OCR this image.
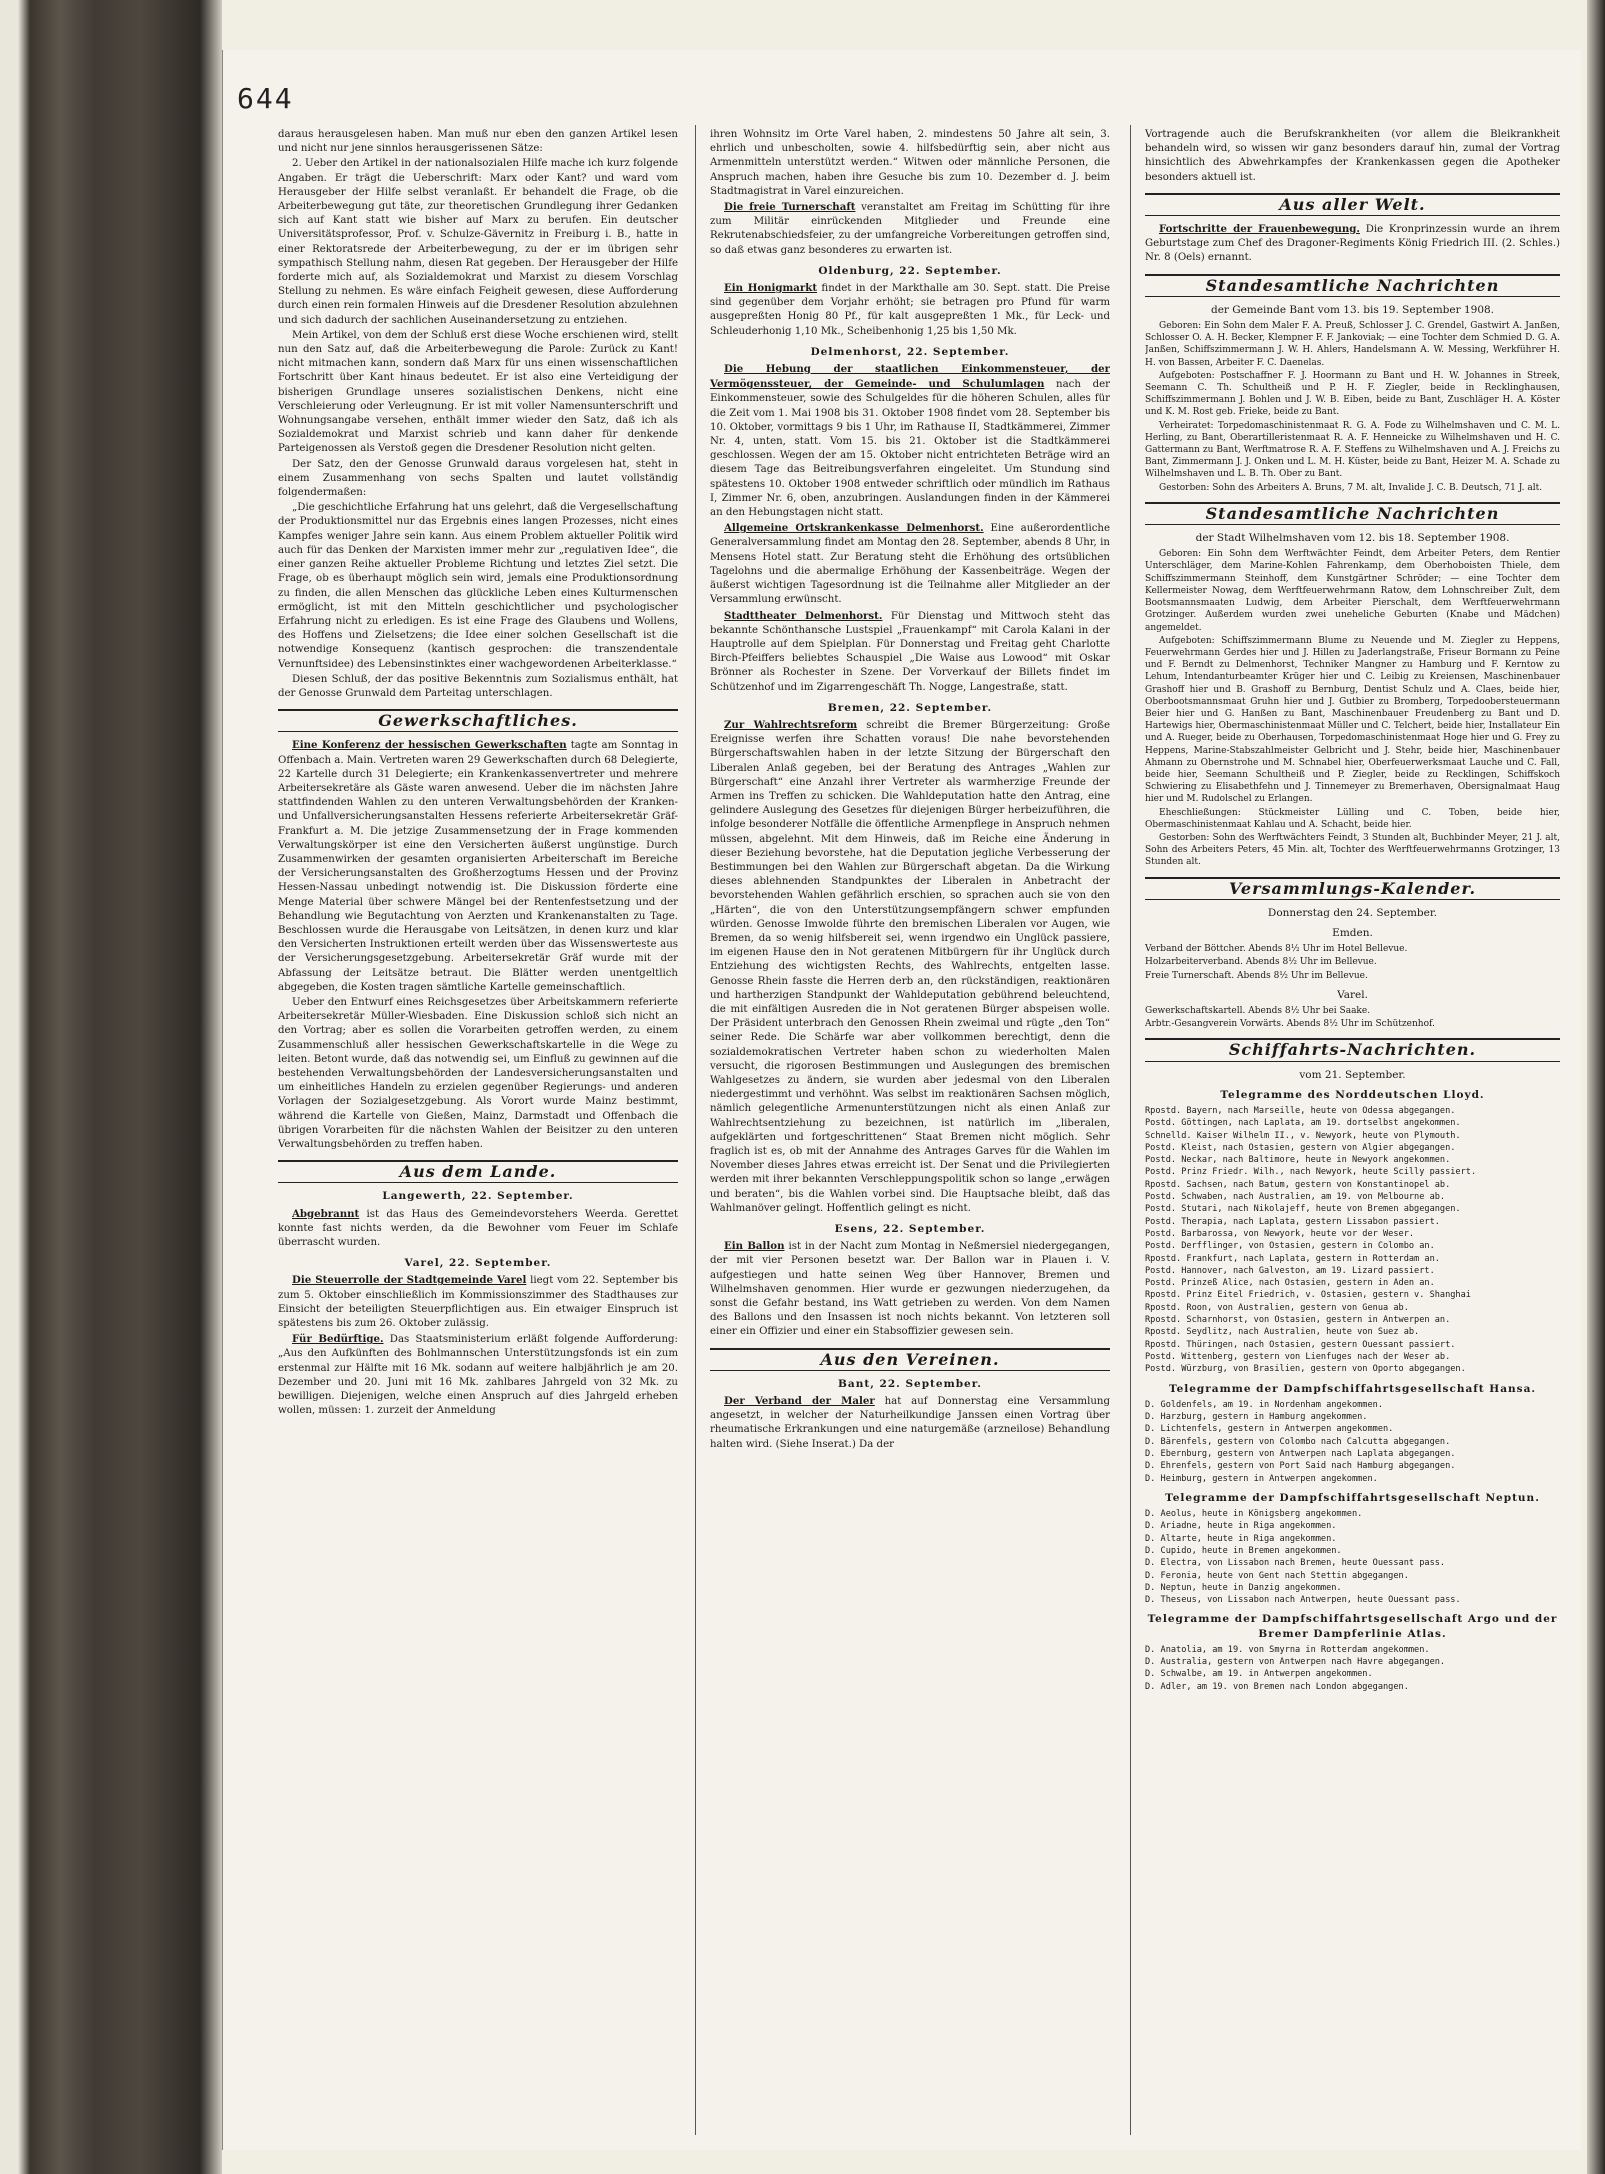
644

daraus herausgelesen haben. Man muß nur eben den ganzen Artikel lesen und nicht nur jene sinnlos herausgerissenen Sätze:

2. Ueber den Artikel in der nationalsozialen Hilfe mache ich kurz folgende Angaben. Er trägt die Ueberschrift: Marx oder Kant? und ward vom Herausgeber der Hilfe selbst veranlaßt. Er behandelt die Frage, ob die Arbeiterbewegung gut täte, zur theoretischen Grundlegung ihrer Gedanken sich auf Kant statt wie bisher auf Marx zu berufen. Ein deutscher Universitätsprofessor, Prof. v. Schulze-Gävernitz in Freiburg i. B., hatte in einer Rektoratsrede der Arbeiterbewegung, zu der er im übrigen sehr sympathisch Stellung nahm, diesen Rat gegeben. Der Herausgeber der Hilfe forderte mich auf, als Sozialdemokrat und Marxist zu diesem Vorschlag Stellung zu nehmen. Es wäre einfach Feigheit gewesen, diese Aufforderung durch einen rein formalen Hinweis auf die Dresdener Resolution abzulehnen und sich dadurch der sachlichen Auseinandersetzung zu entziehen.

Mein Artikel, von dem der Schluß erst diese Woche erschienen wird, stellt nun den Satz auf, daß die Arbeiterbewegung die Parole: Zurück zu Kant! nicht mitmachen kann, sondern daß Marx für uns einen wissenschaftlichen Fortschritt über Kant hinaus bedeutet. Er ist also eine Verteidigung der bisherigen Grundlage unseres sozialistischen Denkens, nicht eine Verschleierung oder Verleugnung. Er ist mit voller Namensunterschrift und Wohnungsangabe versehen, enthält immer wieder den Satz, daß ich als Sozialdemokrat und Marxist schrieb und kann daher für denkende Parteigenossen als Verstoß gegen die Dresdener Resolution nicht gelten.

Der Satz, den der Genosse Grunwald daraus vorgelesen hat, steht in einem Zusammenhang von sechs Spalten und lautet vollständig folgendermaßen:

„Die geschichtliche Erfahrung hat uns gelehrt, daß die Vergesellschaftung der Produktionsmittel nur das Ergebnis eines langen Prozesses, nicht eines Kampfes weniger Jahre sein kann. Aus einem Problem aktueller Politik wird auch für das Denken der Marxisten immer mehr zur „regulativen Idee“, die einer ganzen Reihe aktueller Probleme Richtung und letztes Ziel setzt. Die Frage, ob es überhaupt möglich sein wird, jemals eine Produktionsordnung zu finden, die allen Menschen das glückliche Leben eines Kulturmenschen ermöglicht, ist mit den Mitteln geschichtlicher und psychologischer Erfahrung nicht zu erledigen. Es ist eine Frage des Glaubens und Wollens, des Hoffens und Zielsetzens; die Idee einer solchen Gesellschaft ist die notwendige Konsequenz (kantisch gesprochen: die transzendentale Vernunftsidee) des Lebensinstinktes einer wachgewordenen Arbeiterklasse.“

Diesen Schluß, der das positive Bekenntnis zum Sozialismus enthält, hat der Genosse Grunwald dem Parteitag unterschlagen.

Gewerkschaftliches.

Eine Konferenz der hessischen Gewerkschaften tagte am Sonntag in Offenbach a. Main. Vertreten waren 29 Gewerkschaften durch 68 Delegierte, 22 Kartelle durch 31 Delegierte; ein Krankenkassenvertreter und mehrere Arbeitersekretäre als Gäste waren anwesend. Ueber die im nächsten Jahre stattfindenden Wahlen zu den unteren Verwaltungsbehörden der Kranken- und Unfallversicherungsanstalten Hessens referierte Arbeitersekretär Gräf-Frankfurt a. M. Die jetzige Zusammensetzung der in Frage kommenden Verwaltungskörper ist eine den Versicherten äußerst ungünstige. Durch Zusammenwirken der gesamten organisierten Arbeiterschaft im Bereiche der Versicherungsanstalten des Großherzogtums Hessen und der Provinz Hessen-Nassau unbedingt notwendig ist. Die Diskussion förderte eine Menge Material über schwere Mängel bei der Rentenfestsetzung und der Behandlung wie Begutachtung von Aerzten und Krankenanstalten zu Tage. Beschlossen wurde die Herausgabe von Leitsätzen, in denen kurz und klar den Versicherten Instruktionen erteilt werden über das Wissenswerteste aus der Versicherungsgesetzgebung. Arbeitersekretär Gräf wurde mit der Abfassung der Leitsätze betraut. Die Blätter werden unentgeltlich abgegeben, die Kosten tragen sämtliche Kartelle gemeinschaftlich.

Ueber den Entwurf eines Reichsgesetzes über Arbeitskammern referierte Arbeitersekretär Müller-Wiesbaden. Eine Diskussion schloß sich nicht an den Vortrag; aber es sollen die Vorarbeiten getroffen werden, zu einem Zusammenschluß aller hessischen Gewerkschaftskartelle in die Wege zu leiten. Betont wurde, daß das notwendig sei, um Einfluß zu gewinnen auf die bestehenden Verwaltungsbehörden der Landesversicherungsanstalten und um einheitliches Handeln zu erzielen gegenüber Regierungs- und anderen Vorlagen der Sozialgesetzgebung. Als Vorort wurde Mainz bestimmt, während die Kartelle von Gießen, Mainz, Darmstadt und Offenbach die übrigen Vorarbeiten für die nächsten Wahlen der Beisitzer zu den unteren Verwaltungsbehörden zu treffen haben.

Aus dem Lande.
Langewerth, 22. September.

Abgebrannt ist das Haus des Gemeindevorstehers Weerda. Gerettet konnte fast nichts werden, da die Bewohner vom Feuer im Schlafe überrascht wurden.

Varel, 22. September.

Die Steuerrolle der Stadtgemeinde Varel liegt vom 22. September bis zum 5. Oktober einschließlich im Kommissionszimmer des Stadthauses zur Einsicht der beteiligten Steuerpflichtigen aus. Ein etwaiger Einspruch ist spätestens bis zum 26. Oktober zulässig.

Für Bedürftige. Das Staatsministerium erläßt folgende Aufforderung: „Aus den Aufkünften des Bohlmannschen Unterstützungsfonds ist ein zum erstenmal zur Hälfte mit 16 Mk. sodann auf weitere halbjährlich je am 20. Dezember und 20. Juni mit 16 Mk. zahlbares Jahrgeld von 32 Mk. zu bewilligen. Diejenigen, welche einen Anspruch auf dies Jahrgeld erheben wollen, müssen: 1. zurzeit der Anmeldung

ihren Wohnsitz im Orte Varel haben, 2. mindestens 50 Jahre alt sein, 3. ehrlich und unbescholten, sowie 4. hilfsbedürftig sein, aber nicht aus Armenmitteln unterstützt werden.“ Witwen oder männliche Personen, die Anspruch machen, haben ihre Gesuche bis zum 10. Dezember d. J. beim Stadtmagistrat in Varel einzureichen.

Die freie Turnerschaft veranstaltet am Freitag im Schütting für ihre zum Militär einrückenden Mitglieder und Freunde eine Rekrutenabschiedsfeier, zu der umfangreiche Vorbereitungen getroffen sind, so daß etwas ganz besonderes zu erwarten ist.

Oldenburg, 22. September.

Ein Honigmarkt findet in der Markthalle am 30. Sept. statt. Die Preise sind gegenüber dem Vorjahr erhöht; sie betragen pro Pfund für warm ausgepreßten Honig 80 Pf., für kalt ausgepreßten 1 Mk., für Leck- und Schleuderhonig 1,10 Mk., Scheibenhonig 1,25 bis 1,50 Mk.

Delmenhorst, 22. September.

Die Hebung der staatlichen Einkommensteuer, der Vermögenssteuer, der Gemeinde- und Schulumlagen nach der Einkommensteuer, sowie des Schulgeldes für die höheren Schulen, alles für die Zeit vom 1. Mai 1908 bis 31. Oktober 1908 findet vom 28. September bis 10. Oktober, vormittags 9 bis 1 Uhr, im Rathause II, Stadtkämmerei, Zimmer Nr. 4, unten, statt. Vom 15. bis 21. Oktober ist die Stadtkämmerei geschlossen. Wegen der am 15. Oktober nicht entrichteten Beträge wird an diesem Tage das Beitreibungsverfahren eingeleitet. Um Stundung sind spätestens 10. Oktober 1908 entweder schriftlich oder mündlich im Rathaus I, Zimmer Nr. 6, oben, anzubringen. Auslandungen finden in der Kämmerei an den Hebungstagen nicht statt.

Allgemeine Ortskrankenkasse Delmenhorst. Eine außerordentliche Generalversammlung findet am Montag den 28. September, abends 8 Uhr, in Mensens Hotel statt. Zur Beratung steht die Erhöhung des ortsüblichen Tagelohns und die abermalige Erhöhung der Kassenbeiträge. Wegen der äußerst wichtigen Tagesordnung ist die Teilnahme aller Mitglieder an der Versammlung erwünscht.

Stadttheater Delmenhorst. Für Dienstag und Mittwoch steht das bekannte Schönthansche Lustspiel „Frauenkampf“ mit Carola Kalani in der Hauptrolle auf dem Spielplan. Für Donnerstag und Freitag geht Charlotte Birch-Pfeiffers beliebtes Schauspiel „Die Waise aus Lowood“ mit Oskar Brönner als Rochester in Szene. Der Vorverkauf der Billets findet im Schützenhof und im Zigarrengeschäft Th. Nogge, Langestraße, statt.

Bremen, 22. September.

Zur Wahlrechtsreform schreibt die Bremer Bürgerzeitung: Große Ereignisse werfen ihre Schatten voraus! Die nahe bevorstehenden Bürgerschaftswahlen haben in der letzte Sitzung der Bürgerschaft den Liberalen Anlaß gegeben, bei der Beratung des Antrages „Wahlen zur Bürgerschaft“ eine Anzahl ihrer Vertreter als warmherzige Freunde der Armen ins Treffen zu schicken. Die Wahldeputation hatte den Antrag, eine gelindere Auslegung des Gesetzes für diejenigen Bürger herbeizuführen, die infolge besonderer Notfälle die öffentliche Armenpflege in Anspruch nehmen müssen, abgelehnt. Mit dem Hinweis, daß im Reiche eine Änderung in dieser Beziehung bevorstehe, hat die Deputation jegliche Verbesserung der Bestimmungen bei den Wahlen zur Bürgerschaft abgetan. Da die Wirkung dieses ablehnenden Standpunktes der Liberalen in Anbetracht der bevorstehenden Wahlen gefährlich erschien, so sprachen auch sie von den „Härten“, die von den Unterstützungsempfängern schwer empfunden würden. Genosse Imwolde führte den bremischen Liberalen vor Augen, wie Bremen, da so wenig hilfsbereit sei, wenn irgendwo ein Unglück passiere, im eigenen Hause den in Not geratenen Mitbürgern für ihr Unglück durch Entziehung des wichtigsten Rechts, des Wahlrechts, entgelten lasse. Genosse Rhein fasste die Herren derb an, den rückständigen, reaktionären und hartherzigen Standpunkt der Wahldeputation gebührend beleuchtend, die mit einfältigen Ausreden die in Not geratenen Bürger abspeisen wolle. Der Präsident unterbrach den Genossen Rhein zweimal und rügte „den Ton“ seiner Rede. Die Schärfe war aber vollkommen berechtigt, denn die sozialdemokratischen Vertreter haben schon zu wiederholten Malen versucht, die rigorosen Bestimmungen und Auslegungen des bremischen Wahlgesetzes zu ändern, sie wurden aber jedesmal von den Liberalen niedergestimmt und verhöhnt. Was selbst im reaktionären Sachsen möglich, nämlich gelegentliche Armenunterstützungen nicht als einen Anlaß zur Wahlrechtsentziehung zu bezeichnen, ist natürlich im „liberalen, aufgeklärten und fortgeschrittenen“ Staat Bremen nicht möglich. Sehr fraglich ist es, ob mit der Annahme des Antrages Garves für die Wahlen im November dieses Jahres etwas erreicht ist. Der Senat und die Privilegierten werden mit ihrer bekannten Verschleppungspolitik schon so lange „erwägen und beraten“, bis die Wahlen vorbei sind. Die Hauptsache bleibt, daß das Wahlmanöver gelingt. Hoffentlich gelingt es nicht.

Esens, 22. September.

Ein Ballon ist in der Nacht zum Montag in Neßmersiel niedergegangen, der mit vier Personen besetzt war. Der Ballon war in Plauen i. V. aufgestiegen und hatte seinen Weg über Hannover, Bremen und Wilhelmshaven genommen. Hier wurde er gezwungen niederzugehen, da sonst die Gefahr bestand, ins Watt getrieben zu werden. Von dem Namen des Ballons und den Insassen ist noch nichts bekannt. Von letzteren soll einer ein Offizier und einer ein Stabsoffizier gewesen sein.

Aus den Vereinen.
Bant, 22. September.

Der Verband der Maler hat auf Donnerstag eine Versammlung angesetzt, in welcher der Naturheilkundige Janssen einen Vortrag über rheumatische Erkrankungen und eine naturgemäße (arzneilose) Behandlung halten wird. (Siehe Inserat.) Da der

Vortragende auch die Berufskrankheiten (vor allem die Bleikrankheit behandeln wird, so wissen wir ganz besonders darauf hin, zumal der Vortrag hinsichtlich des Abwehrkampfes der Krankenkassen gegen die Apotheker besonders aktuell ist.

Aus aller Welt.

Fortschritte der Frauenbewegung. Die Kronprinzessin wurde an ihrem Geburtstage zum Chef des Dragoner-Regiments König Friedrich III. (2. Schles.) Nr. 8 (Oels) ernannt.

Standesamtliche Nachrichten
der Gemeinde Bant vom 13. bis 19. September 1908.

Geboren: Ein Sohn dem Maler F. A. Preuß, Schlosser J. C. Grendel, Gastwirt A. Janßen, Schlosser O. A. H. Becker, Klempner F. F. Jankoviak; — eine Tochter dem Schmied D. G. A. Janßen, Schiffszimmermann J. W. H. Ahlers, Handelsmann A. W. Messing, Werkführer H. H. von Bassen, Arbeiter F. C. Daenelas.

Aufgeboten: Postschaffner F. J. Hoormann zu Bant und H. W. Johannes in Streek, Seemann C. Th. Schultheiß und P. H. F. Ziegler, beide in Recklinghausen, Schiffszimmermann J. Bohlen und J. W. B. Eiben, beide zu Bant, Zuschläger H. A. Köster und K. M. Rost geb. Frieke, beide zu Bant.

Verheiratet: Torpedomaschinistenmaat R. G. A. Fode zu Wilhelmshaven und C. M. L. Herling, zu Bant, Oberartilleristenmaat R. A. F. Henneicke zu Wilhelmshaven und H. C. Gattermann zu Bant, Werftmatrose R. A. F. Steffens zu Wilhelmshaven und A. J. Freichs zu Bant, Zimmermann J. J. Onken und L. M. H. Küster, beide zu Bant, Heizer M. A. Schade zu Wilhelmshaven und L. B. Th. Ober zu Bant.

Gestorben: Sohn des Arbeiters A. Bruns, 7 M. alt, Invalide J. C. B. Deutsch, 71 J. alt.

Standesamtliche Nachrichten
der Stadt Wilhelmshaven vom 12. bis 18. September 1908.

Geboren: Ein Sohn dem Werftwächter Feindt, dem Arbeiter Peters, dem Rentier Unterschläger, dem Marine-Kohlen Fahrenkamp, dem Oberhoboisten Thiele, dem Schiffszimmermann Steinhoff, dem Kunstgärtner Schröder; — eine Tochter dem Kellermeister Nowag, dem Werftfeuerwehrmann Ratow, dem Lohnschreiber Zult, dem Bootsmannsmaaten Ludwig, dem Arbeiter Pierschalt, dem Werftfeuerwehrmann Grotzinger. Außerdem wurden zwei uneheliche Geburten (Knabe und Mädchen) angemeldet.

Aufgeboten: Schiffszimmermann Blume zu Neuende und M. Ziegler zu Heppens, Feuerwehrmann Gerdes hier und J. Hillen zu Jaderlangstraße, Friseur Bormann zu Peine und F. Berndt zu Delmenhorst, Techniker Mangner zu Hamburg und F. Kerntow zu Lehum, Intendanturbeamter Krüger hier und C. Leibig zu Kreiensen, Maschinenbauer Grashoff hier und B. Grashoff zu Bernburg, Dentist Schulz und A. Claes, beide hier, Oberbootsmannsmaat Gruhn hier und J. Gutbier zu Bromberg, Torpedoobersteuermann Beier hier und G. Hanßen zu Bant, Maschinenbauer Freudenberg zu Bant und D. Hartewigs hier, Obermaschinistenmaat Müller und C. Telchert, beide hier, Installateur Ein und A. Rueger, beide zu Oberhausen, Torpedomaschinistenmaat Hoge hier und G. Frey zu Heppens, Marine-Stabszahlmeister Gelbricht und J. Stehr, beide hier, Maschinenbauer Ahmann zu Obernstrohe und M. Schnabel hier, Oberfeuerwerksmaat Lauche und C. Fall, beide hier, Seemann Schultheiß und P. Ziegler, beide zu Recklingen, Schiffskoch Schwiering zu Elisabethfehn und J. Tinnemeyer zu Bremerhaven, Obersignalmaat Haug hier und M. Rudolschel zu Erlangen.

Eheschließungen: Stückmeister Lülling und C. Toben, beide hier, Obermaschinistenmaat Kahlau und A. Schacht, beide hier.

Gestorben: Sohn des Werftwächters Feindt, 3 Stunden alt, Buchbinder Meyer, 21 J. alt, Sohn des Arbeiters Peters, 45 Min. alt, Tochter des Werftfeuerwehrmanns Grotzinger, 13 Stunden alt.

Versammlungs-Kalender.
Donnerstag den 24. September.
Emden.

Verband der Böttcher. Abends 8½ Uhr im Hotel Bellevue.

Holzarbeiterverband. Abends 8½ Uhr im Bellevue.

Freie Turnerschaft. Abends 8½ Uhr im Bellevue.

Varel.

Gewerkschaftskartell. Abends 8½ Uhr bei Saake.

Arbtr.-Gesangverein Vorwärts. Abends 8½ Uhr im Schützenhof.

Schiffahrts-Nachrichten.
vom 21. September.
Telegramme des Norddeutschen Lloyd.
Rpostd. Bayern, nach Marseille, heute von Odessa abgegangen.
Postd. Göttingen, nach Laplata, am 19. dortselbst angekommen.
Schnelld. Kaiser Wilhelm II., v. Newyork, heute von Plymouth.
Postd. Kleist, nach Ostasien, gestern von Algier abgegangen.
Postd. Neckar, nach Baltimore, heute in Newyork angekommen.
Postd. Prinz Friedr. Wilh., nach Newyork, heute Scilly passiert.
Rpostd. Sachsen, nach Batum, gestern von Konstantinopel ab.
Postd. Schwaben, nach Australien, am 19. von Melbourne ab.
Postd. Stutari, nach Nikolajeff, heute von Bremen abgegangen.
Postd. Therapia, nach Laplata, gestern Lissabon passiert.
Postd. Barbarossa, von Newyork, heute vor der Weser.
Postd. Derfflinger, von Ostasien, gestern in Colombo an.
Rpostd. Frankfurt, nach Laplata, gestern in Rotterdam an.
Postd. Hannover, nach Galveston, am 19. Lizard passiert.
Postd. Prinzeß Alice, nach Ostasien, gestern in Aden an.
Rpostd. Prinz Eitel Friedrich, v. Ostasien, gestern v. Shanghai
Rpostd. Roon, von Australien, gestern von Genua ab.
Rpostd. Scharnhorst, von Ostasien, gestern in Antwerpen an.
Rpostd. Seydlitz, nach Australien, heute von Suez ab.
Rpostd. Thüringen, nach Ostasien, gestern Ouessant passiert.
Postd. Wittenberg, gestern von Lienfuges nach der Weser ab.
Postd. Würzburg, von Brasilien, gestern von Oporto abgegangen.
Telegramme der Dampfschiffahrtsgesellschaft Hansa.
D. Goldenfels, am 19. in Nordenham angekommen.
D. Harzburg, gestern in Hamburg angekommen.
D. Lichtenfels, gestern in Antwerpen angekommen.
D. Bärenfels, gestern von Colombo nach Calcutta abgegangen.
D. Ebernburg, gestern von Antwerpen nach Laplata abgegangen.
D. Ehrenfels, gestern von Port Said nach Hamburg abgegangen.
D. Heimburg, gestern in Antwerpen angekommen.
Telegramme der Dampfschiffahrtsgesellschaft Neptun.
D. Aeolus, heute in Königsberg angekommen.
D. Ariadne, heute in Riga angekommen.
D. Altarte, heute in Riga angekommen.
D. Cupido, heute in Bremen angekommen.
D. Electra, von Lissabon nach Bremen, heute Ouessant pass.
D. Feronia, heute von Gent nach Stettin abgegangen.
D. Neptun, heute in Danzig angekommen.
D. Theseus, von Lissabon nach Antwerpen, heute Ouessant pass.
Telegramme der Dampfschiffahrtsgesellschaft Argo und der Bremer Dampferlinie Atlas.
D. Anatolia, am 19. von Smyrna in Rotterdam angekommen.
D. Australia, gestern von Antwerpen nach Havre abgegangen.
D. Schwalbe, am 19. in Antwerpen angekommen.
D. Adler, am 19. von Bremen nach London abgegangen.
